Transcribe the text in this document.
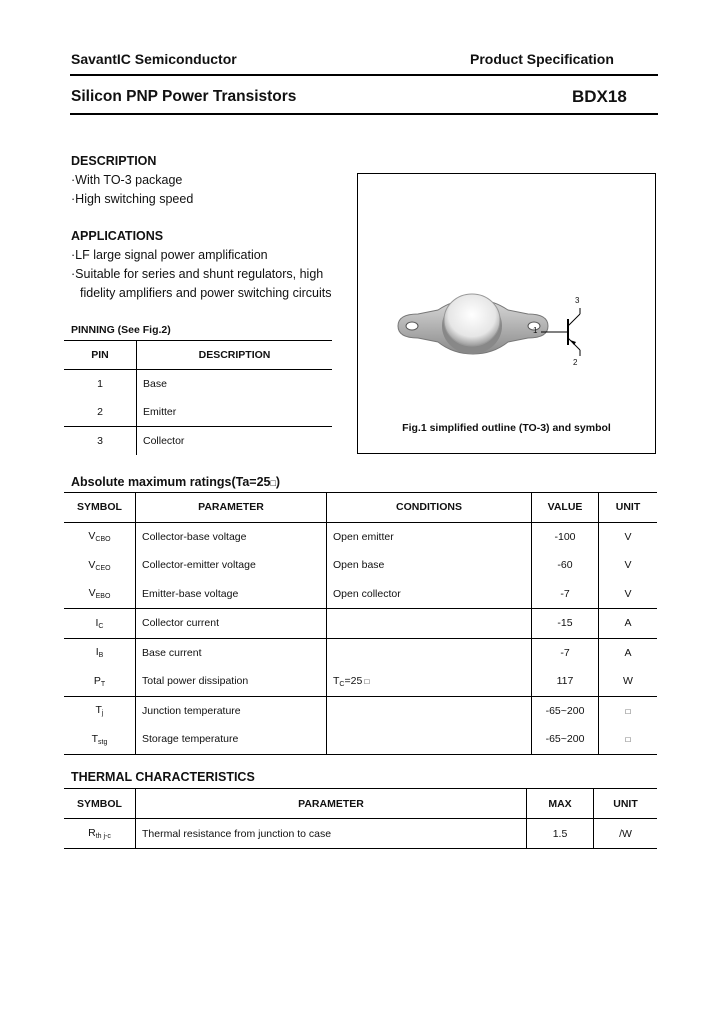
SavantIC Semiconductor	Product Specification
Silicon PNP Power Transistors	BDX18
DESCRIPTION
·With TO-3 package
·High switching speed
APPLICATIONS
·LF large signal power amplification
·Suitable for series and shunt regulators, high
fidelity amplifiers and power switching circuits
PINNING (See Fig.2)
PIN	DESCRIPTION
1	Base
2	Emitter
3	Collector
1
2
3
Fig.1 simplified outline (TO-3) and symbol
Absolute maximum ratings(Ta=25□)
SYMBOL	PARAMETER	CONDITIONS	VALUE	UNIT
$V_{CBO}$	Collector-base voltage	Open emitter	-100	V
$V_{CEO}$	Collector-emitter voltage	Open base	-60	V
$V_{EBO}$	Emitter-base voltage	Open collector	-7	V
$I_C$	Collector current		-15	A
$I_B$	Base current		-7	A
$P_T$	Total power dissipation	$T_C=25$ □	117	W
$T_j$	Junction temperature		-65~200	□
$T_{stg}$	Storage temperature		-65~200	□
THERMAL CHARACTERISTICS
SYMBOL	PARAMETER	MAX	UNIT
$R_{th j-c}$	Thermal resistance from junction to case	1.5	/W
